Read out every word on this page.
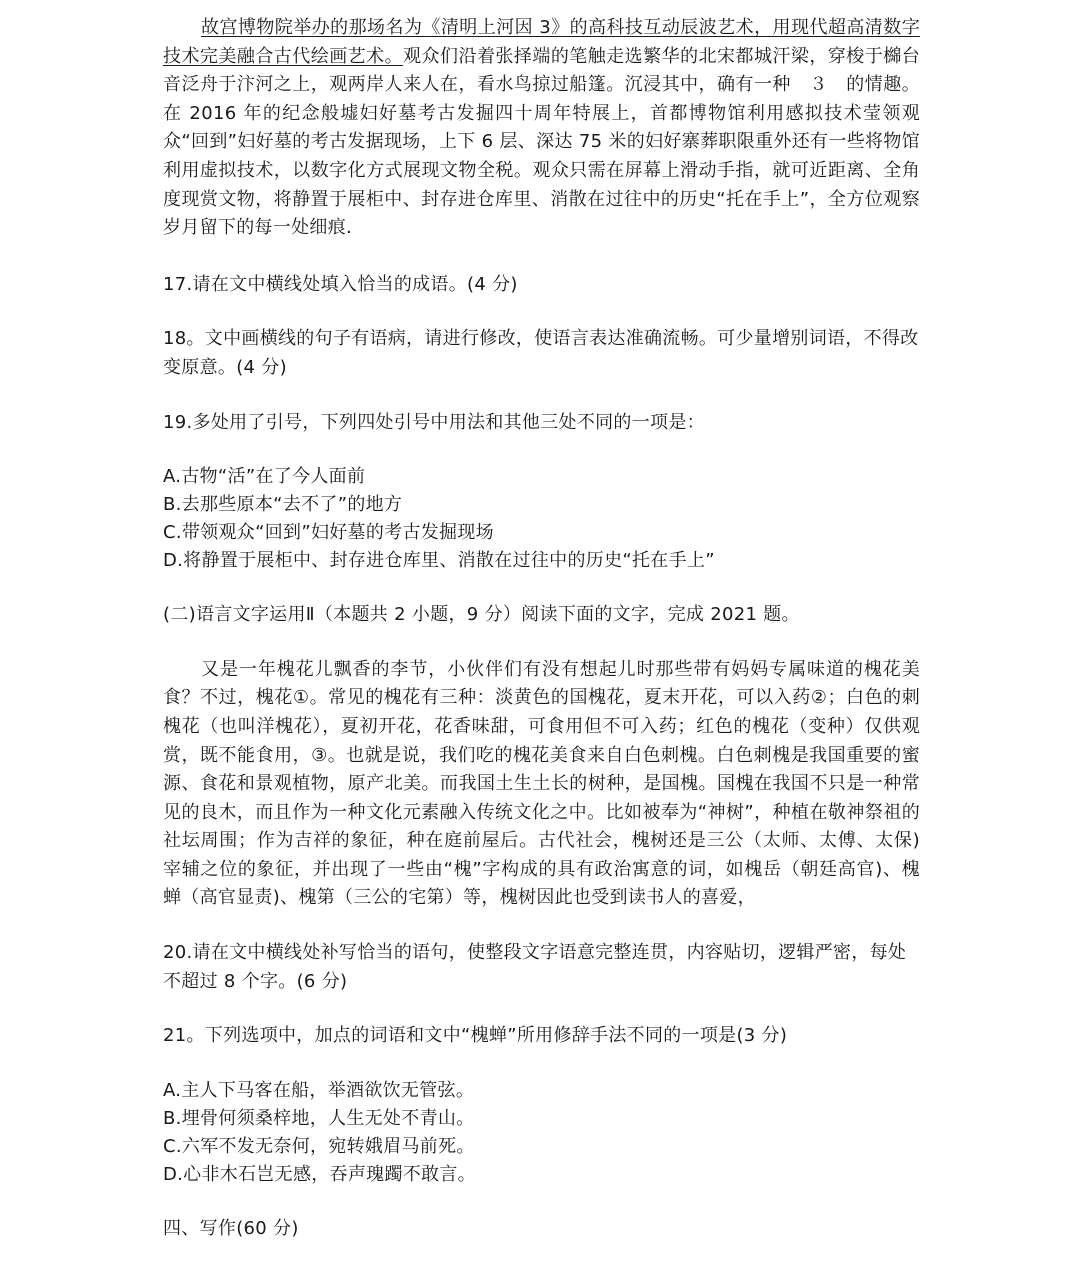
故宫博物院举办的那场名为《清明上河因 3》的高科技互动辰波艺术，用现代超高清数字技术完美融合古代绘画艺术。观众们沿着张择端的笔触走选繁华的北宋都城汗梁，穿梭于檰台音泛舟于汴河之上，观两岸人来人在，看水鸟掠过船篷。沉浸其中，确有一种　３　的情趣。在 2016 年的纪念般墟妇好墓考古发掘四十周年特展上，首都博物馆利用感拟技术莹领观众“回到”妇好墓的考古发据现场，上下 6 层、深达 75 米的妇好寨葬职限重外还有一些将物馆利用虚拟技术，以数字化方式展现文物全税。观众只需在屏幕上滑动手指，就可近距离、全角度现赏文物，将静置于展柜中、封存进仓库里、消散在过往中的历史“托在手上”，全方位观察岁月留下的每一处细痕.

17.请在文中横线处填入恰当的成语。(4 分)

18。文中画横线的句子有语病，请进行修改，使语言表达准确流畅。可少量增别词语，不得改变原意。(4 分)

19.多处用了引号，下列四处引号中用法和其他三处不同的一项是：

A.古物“活”在了今人面前

B.去那些原本“去不了”的地方

C.带领观众“回到”妇好墓的考古发掘现场

D.将静置于展柜中、封存进仓库里、消散在过往中的历史“托在手上”

(二)语言文字运用Ⅱ（本题共 2 小题，9 分）阅读下面的文字，完成 2021 题。

又是一年槐花儿飘香的李节，小伙伴们有没有想起儿时那些带有妈妈专属味道的槐花美食？不过，槐花①。常见的槐花有三种：淡黄色的国槐花，夏末开花，可以入药②；白色的刺槐花（也叫洋槐花），夏初开花，花香味甜，可食用但不可入药；红色的槐花（变种）仅供观赏，既不能食用，③。也就是说，我们吃的槐花美食来自白色刺槐。白色刺槐是我国重要的蜜源、食花和景观植物，原产北美。而我国土生土长的树种，是国槐。国槐在我国不只是一种常见的良木，而且作为一种文化元素融入传统文化之中。比如被奉为“神树”，种植在敬神祭祖的社坛周围；作为吉祥的象征，种在庭前屋后。古代社会，槐树还是三公（太师、太傅、太保)宰辅之位的象征，并出现了一些由“槐”字构成的具有政治寓意的词，如槐岳（朝廷高官)、槐蝉（高官显责)、槐第（三公的宅第）等，槐树因此也受到读书人的喜爱，

20.请在文中横线处补写恰当的语句，使整段文字语意完整连贯，内容贴切，逻辑严密，每处不超过 8 个字。(6 分)

21。下列选项中，加点的词语和文中“槐蝉”所用修辞手法不同的一项是(3 分)

A.主人下马客在船，举酒欲饮无管弦。

B.埋骨何须桑梓地，人生无处不青山。

C.六军不发无奈何，宛转娥眉马前死。

D.心非木石岂无感，吞声瑰躅不敢言。

四、写作(60 分)
